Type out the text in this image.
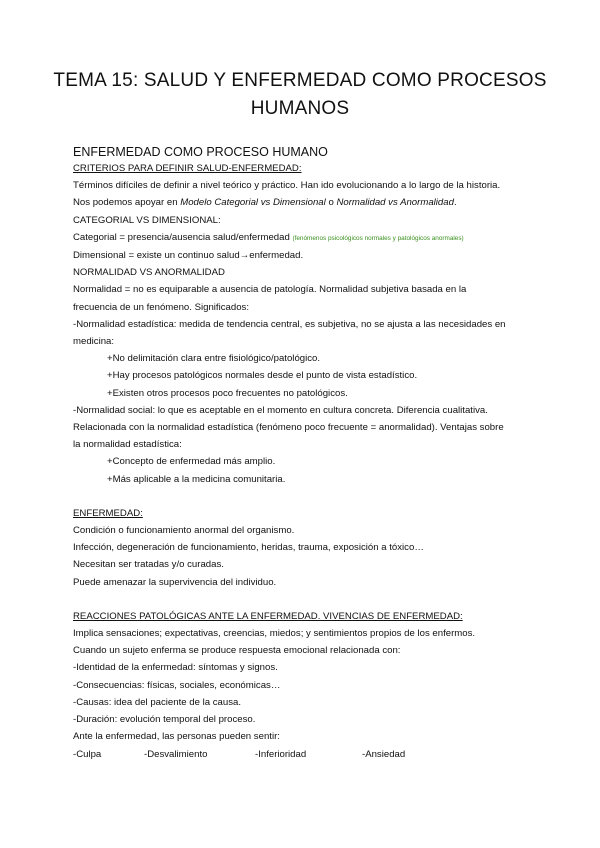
TEMA 15: SALUD Y ENFERMEDAD COMO PROCESOS
HUMANOS
ENFERMEDAD COMO PROCESO HUMANO
CRITERIOS PARA DEFINIR SALUD-ENFERMEDAD:
Términos difíciles de definir a nivel teórico y práctico. Han ido evolucionando a lo largo de la historia.
Nos podemos apoyar en Modelo Categorial vs Dimensional o Normalidad vs Anormalidad.
CATEGORIAL VS DIMENSIONAL:
Categorial = presencia/ausencia salud/enfermedad (fenómenos psicológicos normales y patológicos anormales)
Dimensional = existe un continuo salud→enfermedad.
NORMALIDAD VS ANORMALIDAD
Normalidad = no es equiparable a ausencia de patología. Normalidad subjetiva basada en la
frecuencia de un fenómeno. Significados:
-Normalidad estadística: medida de tendencia central, es subjetiva, no se ajusta a las necesidades en
medicina:
+No delimitación clara entre fisiológico/patológico.
+Hay procesos patológicos normales desde el punto de vista estadístico.
+Existen otros procesos poco frecuentes no patológicos.
-Normalidad social: lo que es aceptable en el momento en cultura concreta. Diferencia cualitativa.
Relacionada con la normalidad estadística (fenómeno poco frecuente = anormalidad). Ventajas sobre
la normalidad estadística:
+Concepto de enfermedad más amplio.
+Más aplicable a la medicina comunitaria.
ENFERMEDAD:
Condición o funcionamiento anormal del organismo.
Infección, degeneración de funcionamiento, heridas, trauma, exposición a tóxico…
Necesitan ser tratadas y/o curadas.
Puede amenazar la supervivencia del individuo.
REACCIONES PATOLÓGICAS ANTE LA ENFERMEDAD. VIVENCIAS DE ENFERMEDAD:
Implica sensaciones; expectativas, creencias, miedos; y sentimientos propios de los enfermos.
Cuando un sujeto enferma se produce respuesta emocional relacionada con:
-Identidad de la enfermedad: síntomas y signos.
-Consecuencias: físicas, sociales, económicas…
-Causas: idea del paciente de la causa.
-Duración: evolución temporal del proceso.
Ante la enfermedad, las personas pueden sentir:
-Culpa	-Desvalimiento	-Inferioridad	-Ansiedad
